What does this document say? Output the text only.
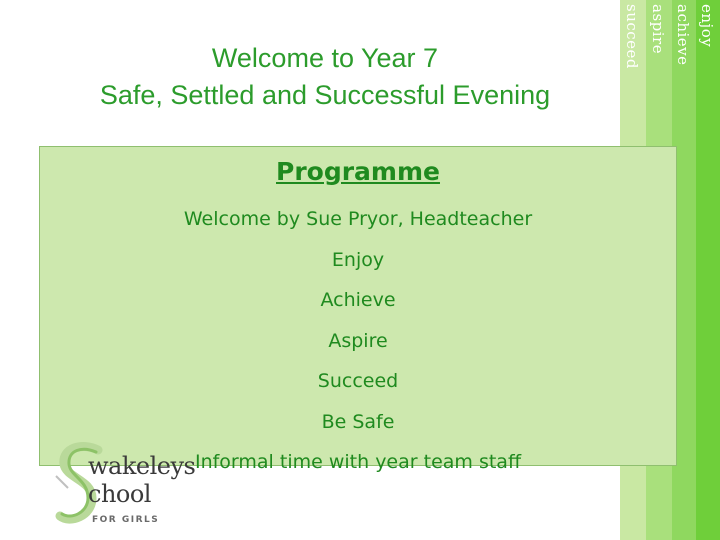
succeed aspire achieve enjoy
Welcome to Year 7
Safe, Settled and Successful Evening
Programme
Welcome by Sue Pryor, Headteacher
Enjoy
Achieve
Aspire
Succeed
Be Safe
Informal time with year team staff
wakeleys
chool
FOR GIRLS
